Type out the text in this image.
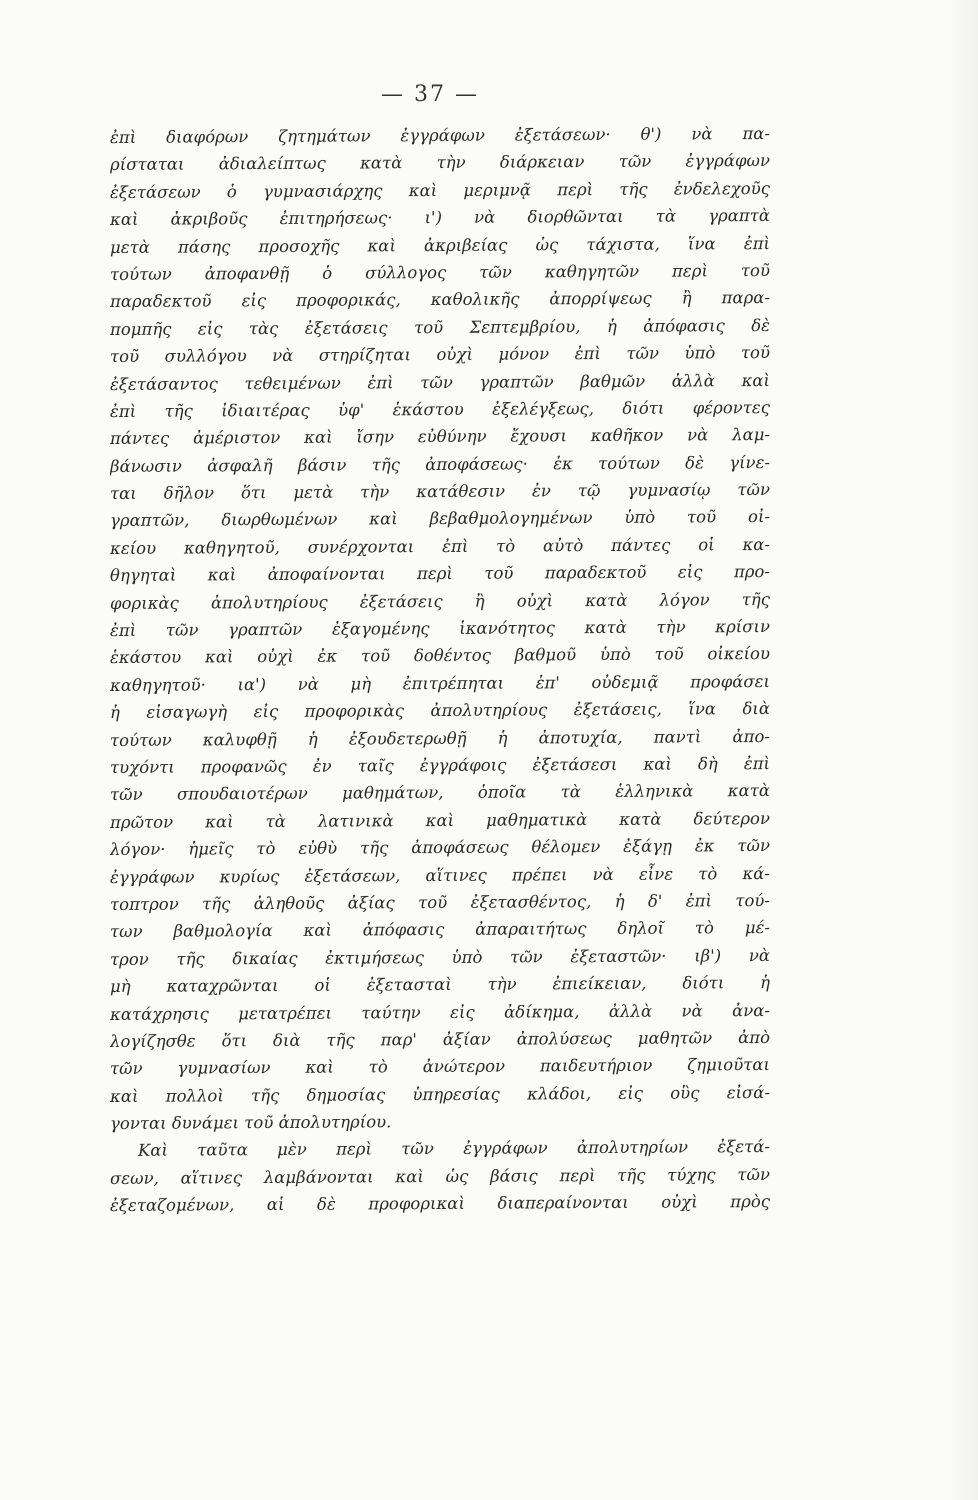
— 37 —
ἐπὶ διαφόρων ζητημάτων ἐγγράφων ἐξετάσεων· θ') νὰ πα-
ρίσταται ἀδιαλείπτως κατὰ τὴν διάρκειαν τῶν ἐγγράφων
ἐξετάσεων ὁ γυμνασιάρχης καὶ μεριμνᾷ περὶ τῆς ἐνδελεχοῦς
καὶ ἀκριβοῦς ἐπιτηρήσεως· ι') νὰ διορθῶνται τὰ γραπτὰ
μετὰ πάσης προσοχῆς καὶ ἀκριβείας ὡς τάχιστα, ἵνα ἐπὶ
τούτων ἀποφανθῇ ὁ σύλλογος τῶν καθηγητῶν περὶ τοῦ
παραδεκτοῦ εἰς προφορικάς, καθολικῆς ἀπορρίψεως ἢ παρα-
πομπῆς εἰς τὰς ἐξετάσεις τοῦ Σεπτεμβρίου, ἡ ἀπόφασις δὲ
τοῦ συλλόγου νὰ στηρίζηται οὐχὶ μόνον ἐπὶ τῶν ὑπὸ τοῦ
ἐξετάσαντος τεθειμένων ἐπὶ τῶν γραπτῶν βαθμῶν ἀλλὰ καὶ
ἐπὶ τῆς ἰδιαιτέρας ὑφ' ἑκάστου ἐξελέγξεως, διότι φέροντες
πάντες ἀμέριστον καὶ ἴσην εὐθύνην ἔχουσι καθῆκον νὰ λαμ-
βάνωσιν ἀσφαλῆ βάσιν τῆς ἀποφάσεως· ἐκ τούτων δὲ γίνε-
ται δῆλον ὅτι μετὰ τὴν κατάθεσιν ἐν τῷ γυμνασίῳ τῶν
γραπτῶν, διωρθωμένων καὶ βεβαθμολογημένων ὑπὸ τοῦ οἰ-
κείου καθηγητοῦ, συνέρχονται ἐπὶ τὸ αὐτὸ πάντες οἱ κα-
θηγηταὶ καὶ ἀποφαίνονται περὶ τοῦ παραδεκτοῦ εἰς προ-
φορικὰς ἀπολυτηρίους ἐξετάσεις ἢ οὐχὶ κατὰ λόγον τῆς
ἐπὶ τῶν γραπτῶν ἐξαγομένης ἱκανότητος κατὰ τὴν κρίσιν
ἑκάστου καὶ οὐχὶ ἐκ τοῦ δοθέντος βαθμοῦ ὑπὸ τοῦ οἰκείου
καθηγητοῦ· ια') νὰ μὴ ἐπιτρέπηται ἐπ' οὐδεμιᾷ προφάσει
ἡ εἰσαγωγὴ εἰς προφορικὰς ἀπολυτηρίους ἐξετάσεις, ἵνα διὰ
τούτων καλυφθῇ ἡ ἐξουδετερωθῇ ἡ ἀποτυχία, παντὶ ἀπο-
τυχόντι προφανῶς ἐν ταῖς ἐγγράφοις ἐξετάσεσι καὶ δὴ ἐπὶ
τῶν σπουδαιοτέρων μαθημάτων, ὁποῖα τὰ ἑλληνικὰ κατὰ
πρῶτον καὶ τὰ λατινικὰ καὶ μαθηματικὰ κατὰ δεύτερον
λόγον· ἡμεῖς τὸ εὐθὺ τῆς ἀποφάσεως θέλομεν ἐξάγῃ ἐκ τῶν
ἐγγράφων κυρίως ἐξετάσεων, αἵτινες πρέπει νὰ εἶνε τὸ κά-
τοπτρον τῆς ἀληθοῦς ἀξίας τοῦ ἐξετασθέντος, ἡ δ' ἐπὶ τού-
των βαθμολογία καὶ ἀπόφασις ἀπαραιτήτως δηλοῖ τὸ μέ-
τρον τῆς δικαίας ἐκτιμήσεως ὑπὸ τῶν ἐξεταστῶν· ιβ') νὰ
μὴ καταχρῶνται οἱ ἐξετασταὶ τὴν ἐπιείκειαν, διότι ἡ
κατάχρησις μετατρέπει ταύτην εἰς ἀδίκημα, ἀλλὰ νὰ ἀνα-
λογίζησθε ὅτι διὰ τῆς παρ' ἀξίαν ἀπολύσεως μαθητῶν ἀπὸ
τῶν γυμνασίων καὶ τὸ ἀνώτερον παιδευτήριον ζημιοῦται
καὶ πολλοὶ τῆς δημοσίας ὑπηρεσίας κλάδοι, εἰς οὓς εἰσά-
γονται δυνάμει τοῦ ἀπολυτηρίου.
Καὶ ταῦτα μὲν περὶ τῶν ἐγγράφων ἀπολυτηρίων ἐξετά-
σεων, αἵτινες λαμβάνονται καὶ ὡς βάσις περὶ τῆς τύχης τῶν
ἐξεταζομένων, αἱ δὲ προφορικαὶ διαπεραίνονται οὐχὶ πρὸς
